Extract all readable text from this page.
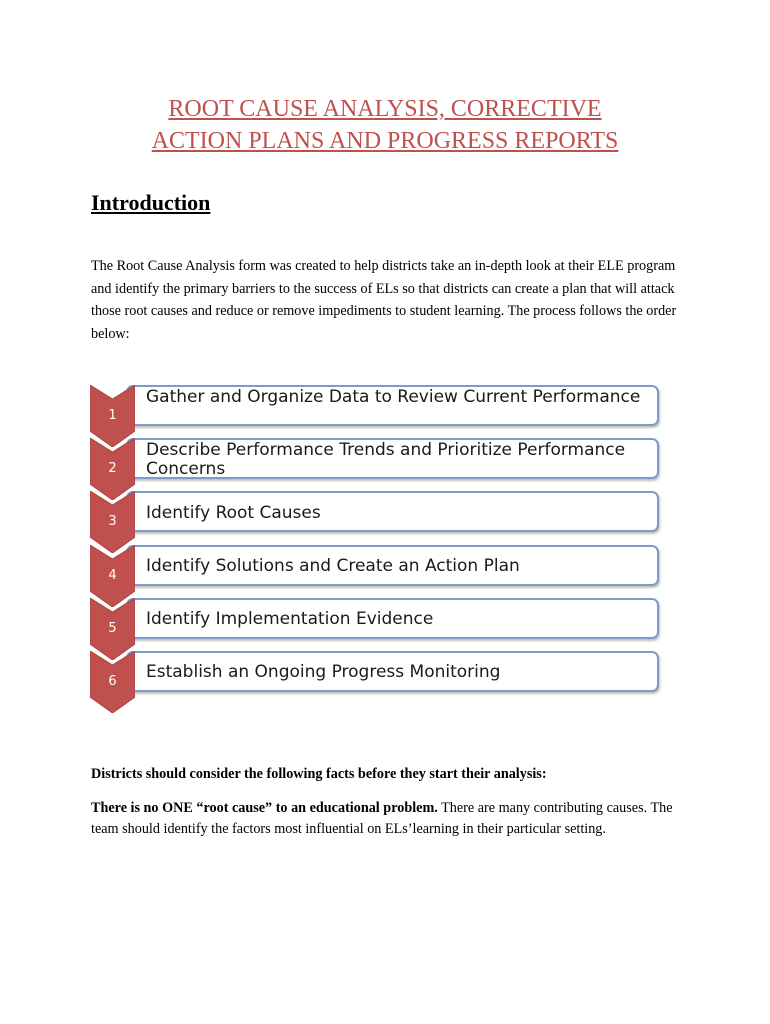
ROOT CAUSE ANALYSIS, CORRECTIVE
ACTION PLANS AND PROGRESS REPORTS
Introduction

The Root Cause Analysis form was created to help districts take an in-depth look at their ELE program and identify the primary barriers to the success of ELs so that districts can create a plan that will attack those root causes and reduce or remove impediments to student learning. The process follows the order below:

Gather and Organize Data to Review Current Performance
1
Describe Performance Trends and Prioritize Performance Concerns
2
Identify Root Causes
3
Identify Solutions and Create an Action Plan
4
Identify Implementation Evidence
5
Establish an Ongoing Progress Monitoring
6

Districts should consider the following facts before they start their analysis:

There is no ONE “root cause” to an educational problem. There are many contributing causes. The team should identify the factors most influential on ELs’learning in their particular setting.
